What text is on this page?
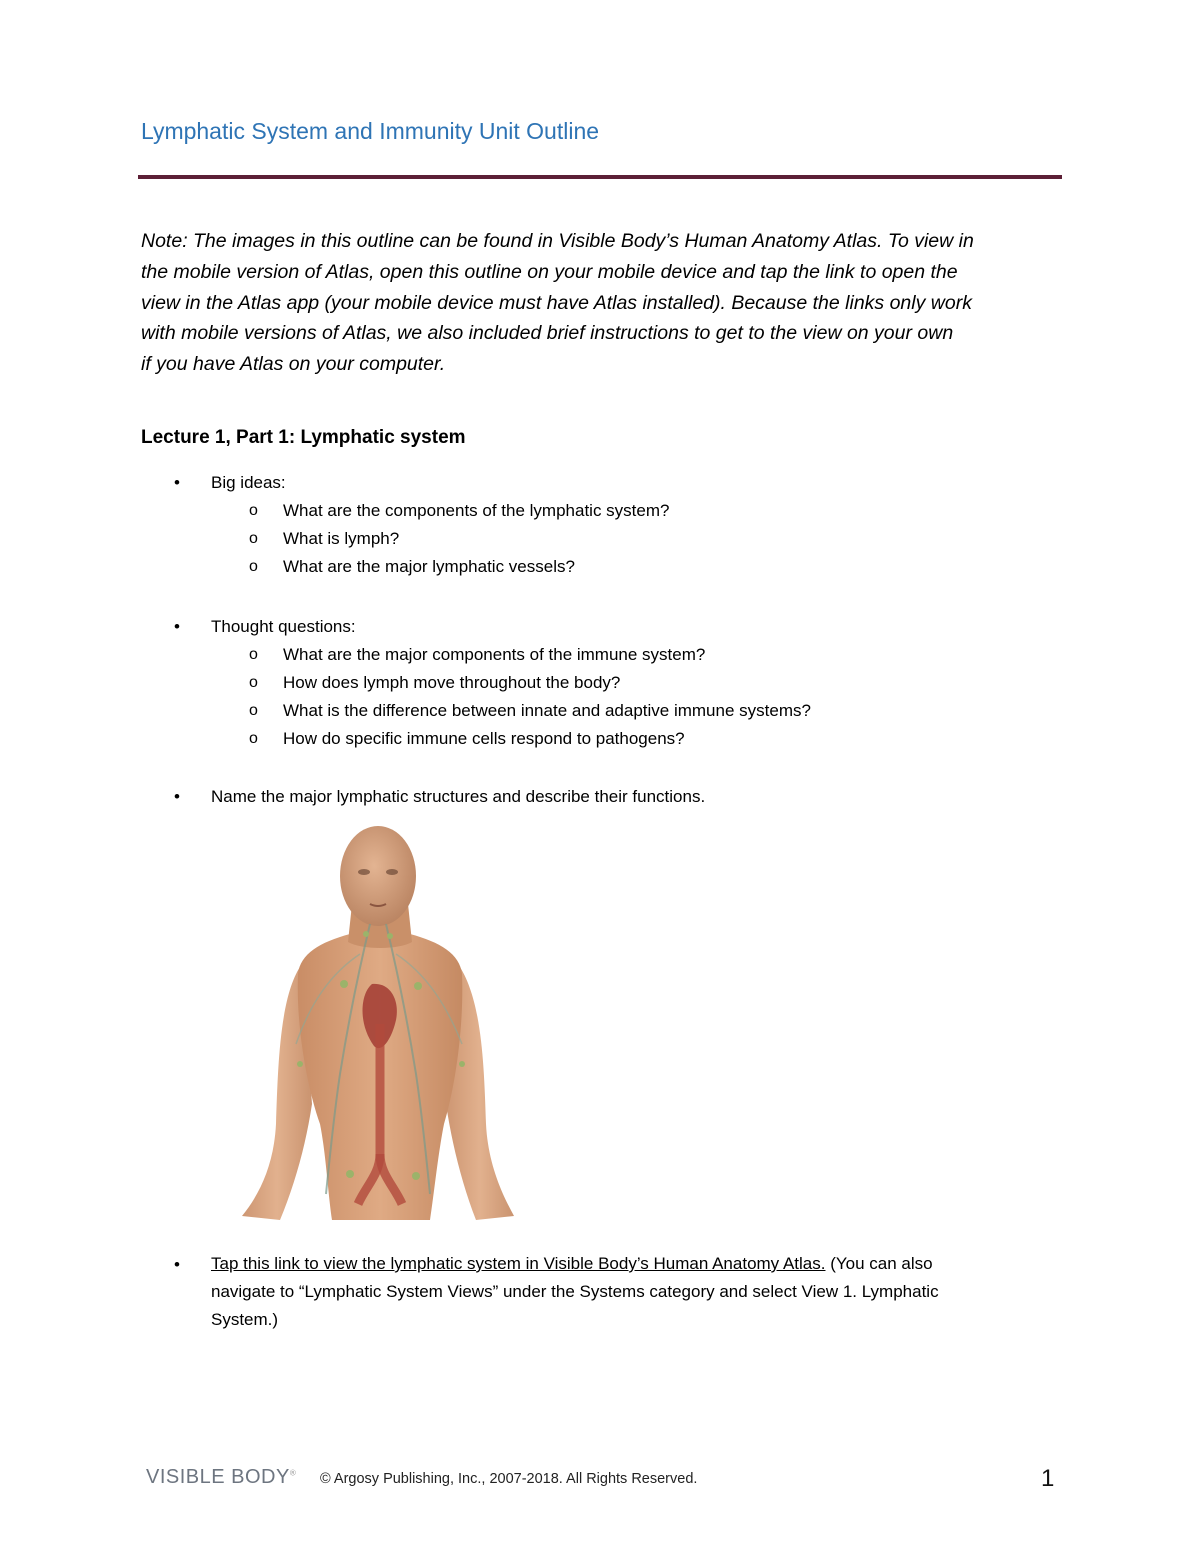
Lymphatic System and Immunity Unit Outline
Note: The images in this outline can be found in Visible Body’s Human Anatomy Atlas. To view in
the mobile version of Atlas, open this outline on your mobile device and tap the link to open the
view in the Atlas app (your mobile device must have Atlas installed). Because the links only work
with mobile versions of Atlas, we also included brief instructions to get to the view on your own
if you have Atlas on your computer.
Lecture 1, Part 1: Lymphatic system
• Big ideas:
o What are the components of the lymphatic system?
o What is lymph?
o What are the major lymphatic vessels?
• Thought questions:
o What are the major components of the immune system?
o How does lymph move throughout the body?
o What is the difference between innate and adaptive immune systems?
o How do specific immune cells respond to pathogens?
• Name the major lymphatic structures and describe their functions.
• Tap this link to view the lymphatic system in Visible Body’s Human Anatomy Atlas. (You can also
navigate to “Lymphatic System Views” under the Systems category and select View 1. Lymphatic
System.)
VISIBLE BODY® © Argosy Publishing, Inc., 2007-2018. All Rights Reserved.	1
